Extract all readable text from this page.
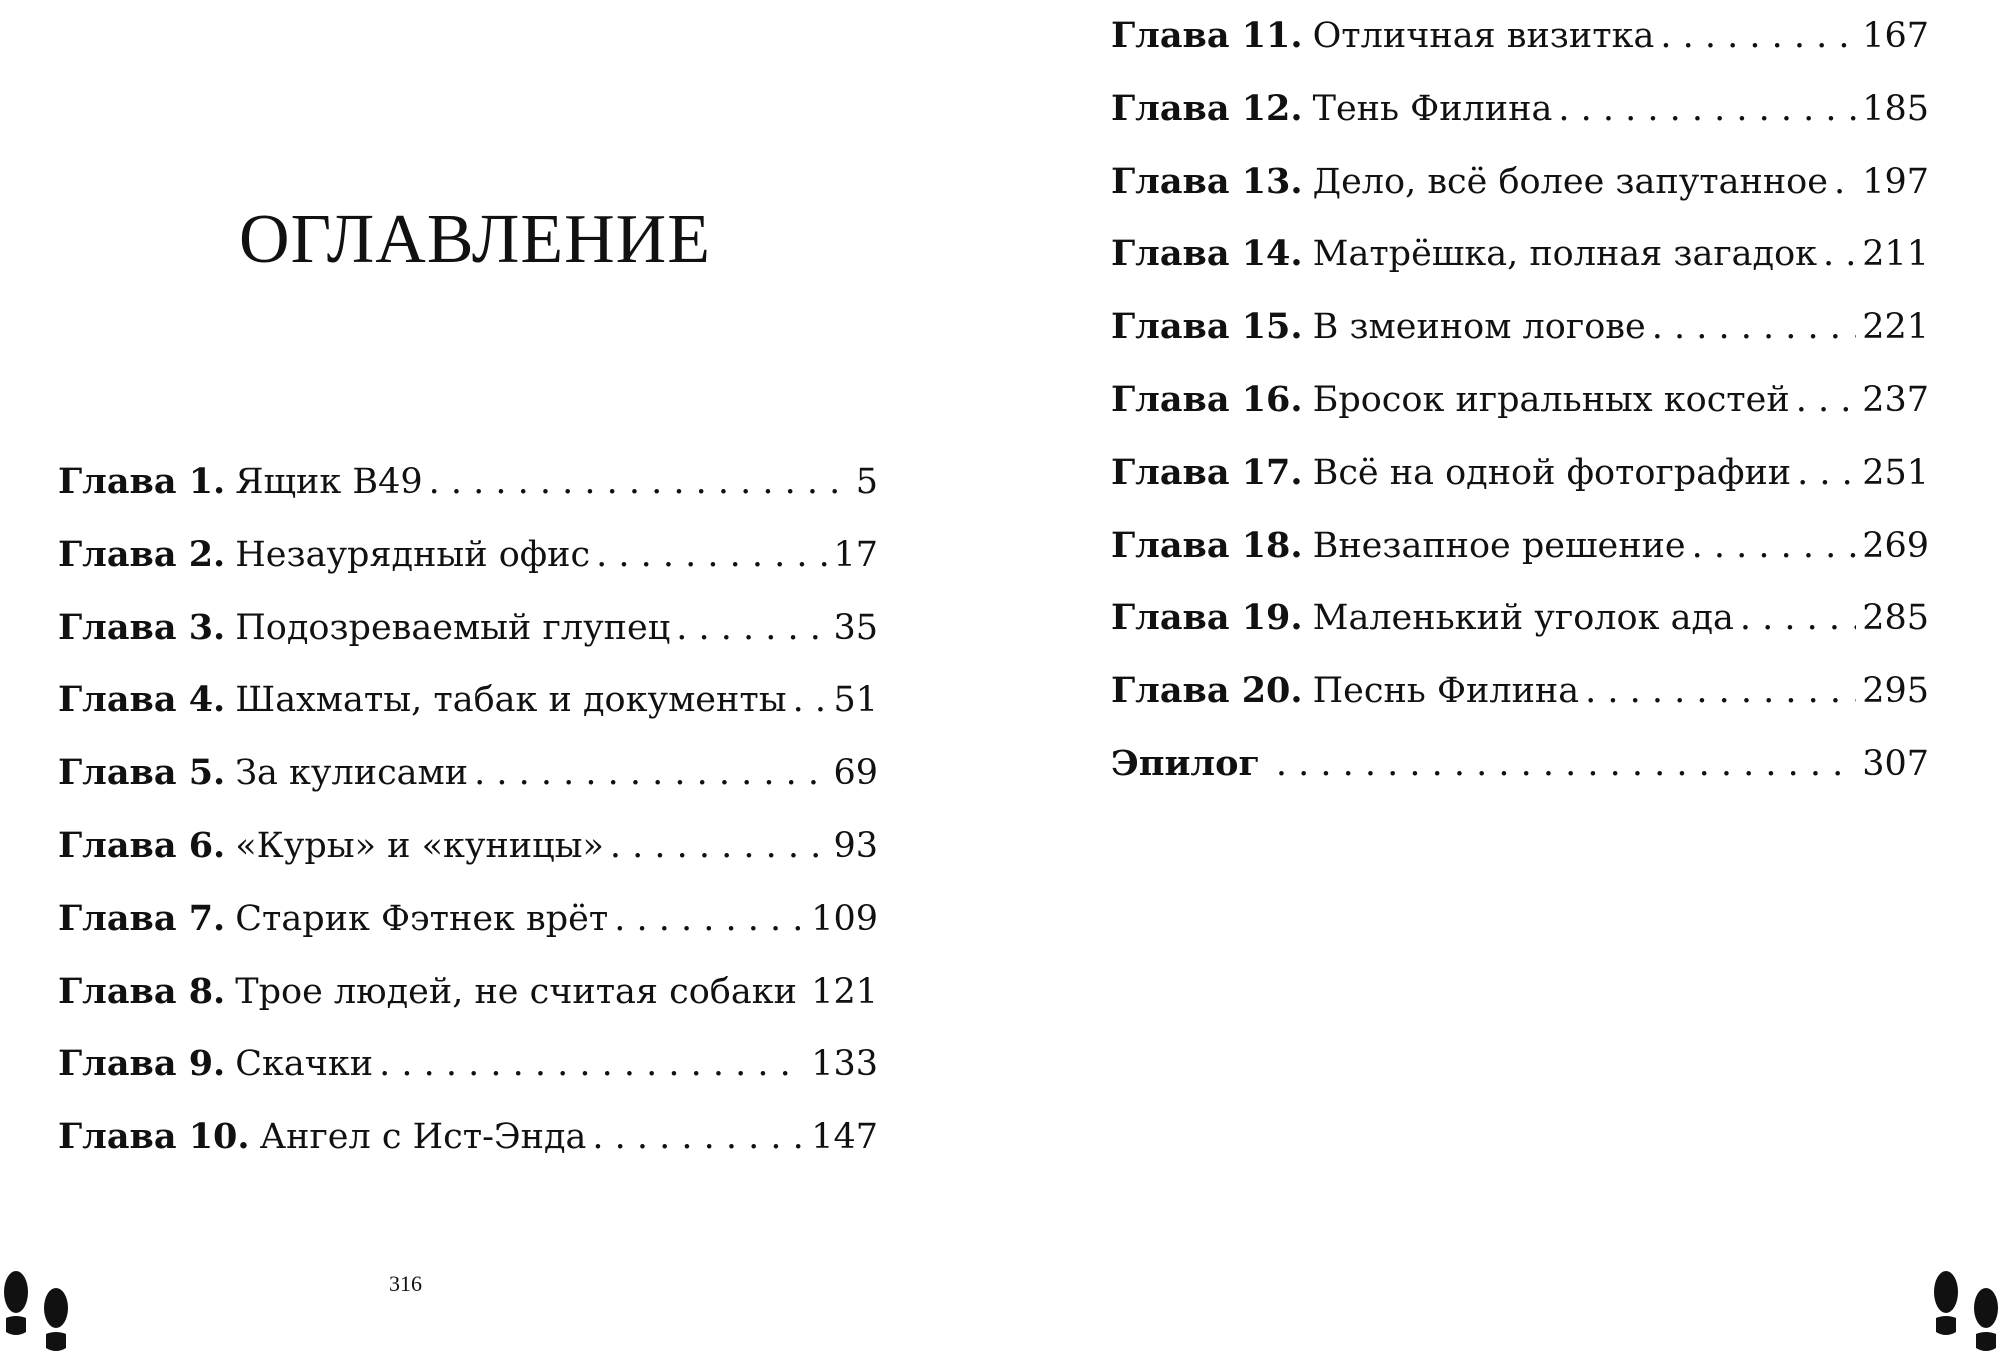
ОГЛАВЛЕНИЕ
Глава 1. Ящик B49 . . .	5
Глава 2. Незаурядный офис . . .	17
Глава 3. Подозреваемый глупец . . .	35
Глава 4. Шахматы, табак и документы . . . 51
Глава 5. За кулисами . . .	69
Глава 6. «Куры» и «куницы» . . .	93
Глава 7. Старик Фэтнек врёт . . .	109
Глава 8. Трое людей, не считая собаки . . . 121
Глава 9. Скачки . . .	133
Глава 10. Ангел с Ист-Энда . . .	147
Глава 11. Отличная визитка . . .	167
Глава 12. Тень Филина . . .	185
Глава 13. Дело, всё более запутанное . . . 197
Глава 14. Матрёшка, полная загадок . . . 211
Глава 15. В змеином логове . . .	221
Глава 16. Бросок игральных костей . . . 237
Глава 17. Всё на одной фотографии . . . 251
Глава 18. Внезапное решение . . .	269
Глава 19. Маленький уголок ада . . .	285
Глава 20. Песнь Филина . . .	295
Эпилог . . .	307
316
